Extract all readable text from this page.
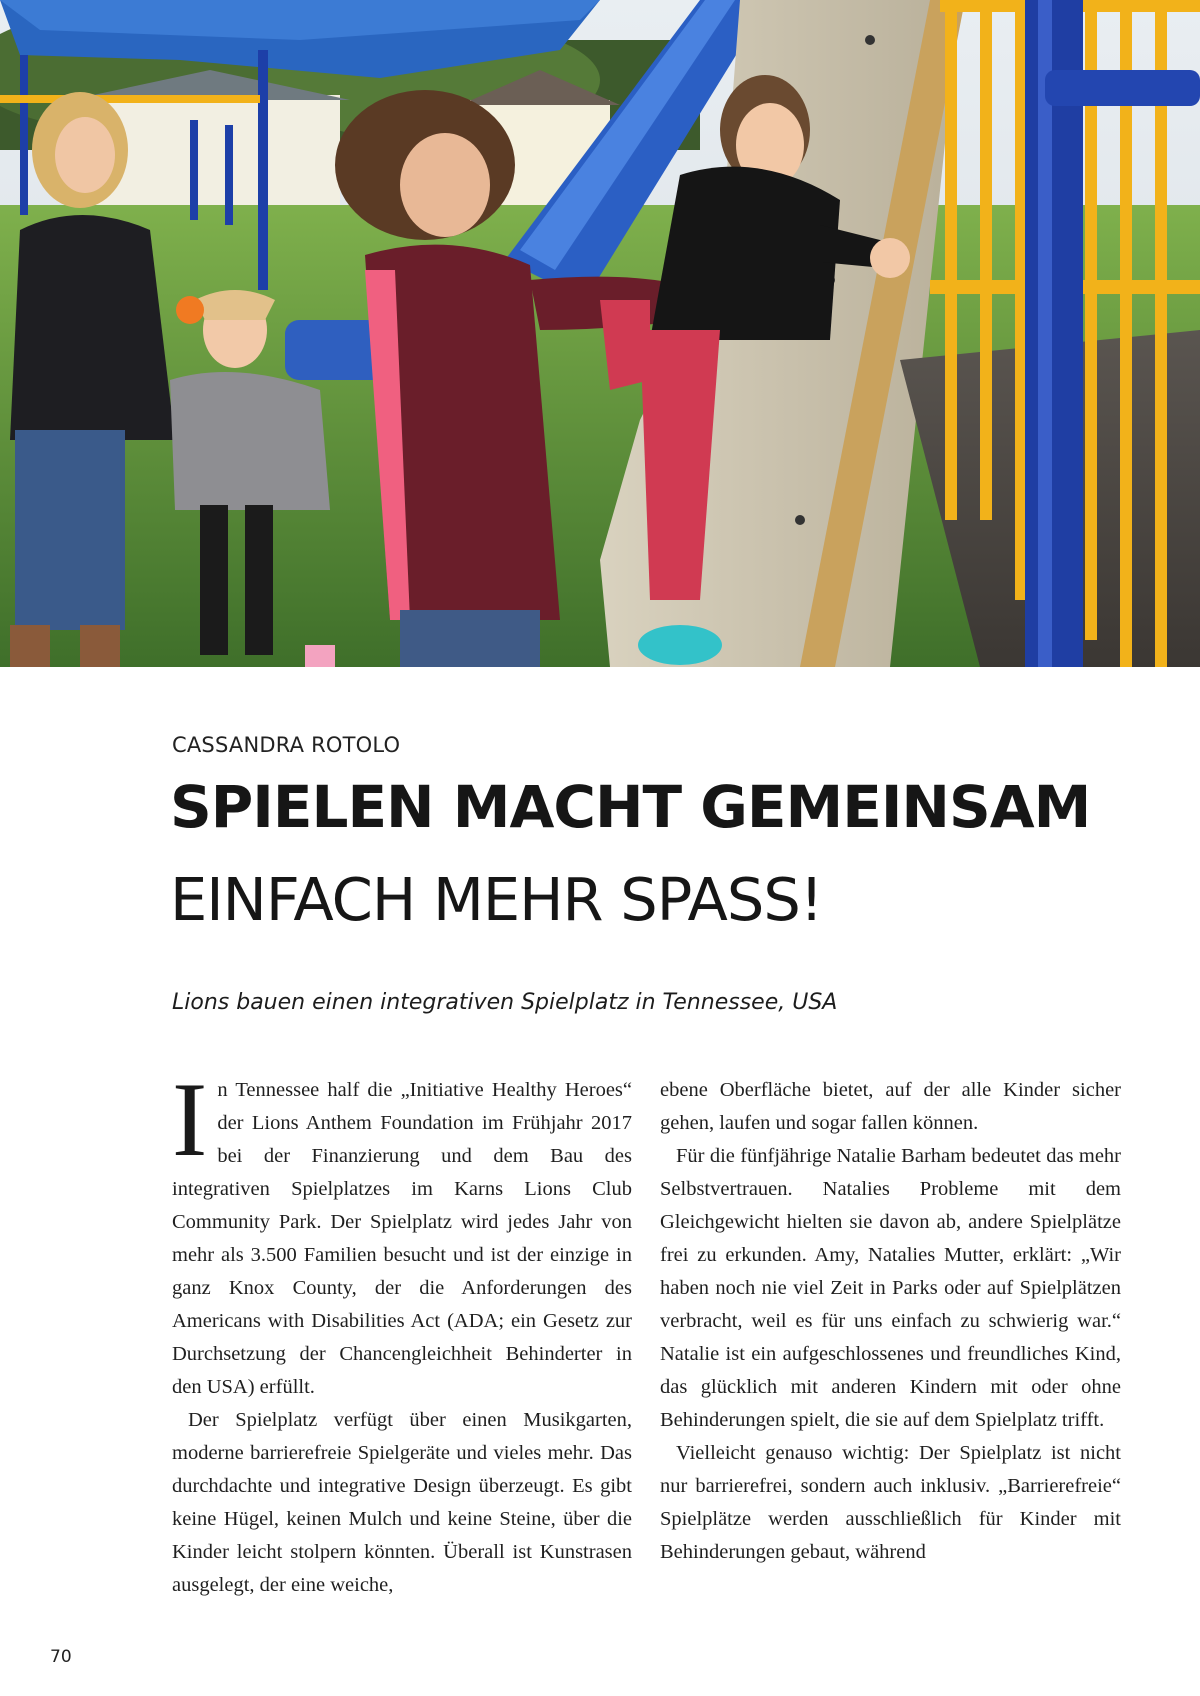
CASSANDRA ROTOLO
SPIELEN MACHT GEMEINSAM
EINFACH MEHR SPASS!
Lions bauen einen integrativen Spielplatz in Tennessee, USA

In Tennessee half die „Initiative Healthy Heroes“ der Lions Anthem Foundation im Frühjahr 2017 bei der Finanzierung und dem Bau des integrativen Spielplatzes im Karns Lions Club Community Park. Der Spielplatz wird jedes Jahr von mehr als 3.500 Familien besucht und ist der einzige in ganz Knox County, der die Anforderungen des Americans with Disabilities Act (ADA; ein Gesetz zur Durchsetzung der Chancengleichheit Behinderter in den USA) erfüllt.

Der Spielplatz verfügt über einen Musikgarten, moderne barrierefreie Spielgeräte und vieles mehr. Das durchdachte und integrative Design überzeugt. Es gibt keine Hügel, keinen Mulch und keine Steine, über die Kinder leicht stolpern könnten. Überall ist Kunstrasen ausgelegt, der eine weiche,

ebene Oberfläche bietet, auf der alle Kinder sicher gehen, laufen und sogar fallen können.

Für die fünfjährige Natalie Barham bedeutet das mehr Selbstvertrauen. Natalies Probleme mit dem Gleichgewicht hielten sie davon ab, andere Spielplätze frei zu erkunden. Amy, Natalies Mutter, erklärt: „Wir haben noch nie viel Zeit in Parks oder auf Spielplätzen verbracht, weil es für uns einfach zu schwierig war.“ Natalie ist ein aufgeschlossenes und freundliches Kind, das glücklich mit anderen Kindern mit oder ohne Behinderungen spielt, die sie auf dem Spielplatz trifft.

Vielleicht genauso wichtig: Der Spielplatz ist nicht nur barrierefrei, sondern auch inklusiv. „Barrierefreie“ Spielplätze werden ausschließlich für Kinder mit Behinderungen gebaut, während

70
